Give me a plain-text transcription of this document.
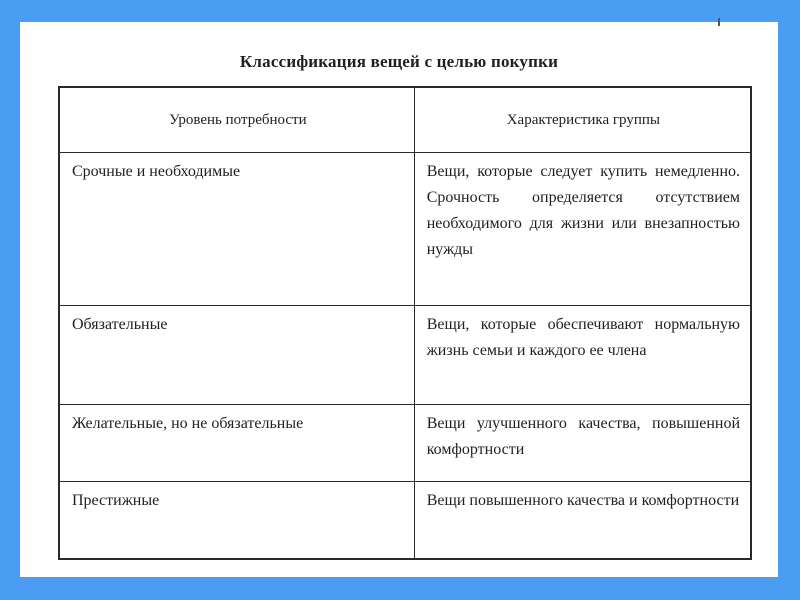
Классификация вещей с целью покупки
Уровень потребности	Характеристика группы
Срочные и необходимые	Вещи, которые следует купить немедленно. Срочность определяется отсутствием необходимого для жизни или внезапностью нужды
Обязательные	Вещи, которые обеспечивают нормальную жизнь семьи и каждого ее члена
Желательные, но не обязательные	Вещи улучшенного качества, повышенной комфортности
Престижные	Вещи повышенного качества и комфортности
